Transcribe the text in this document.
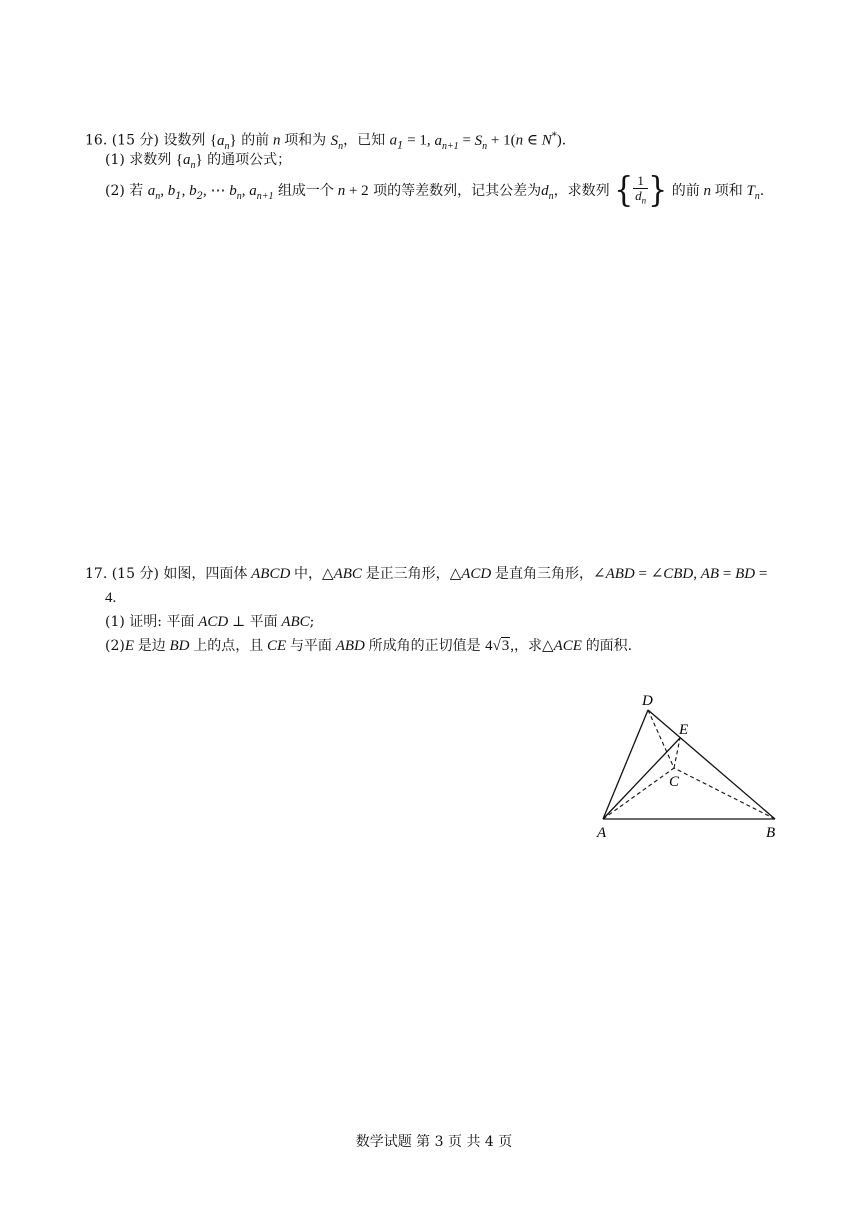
16. (15 分) 设数列 $\{a_n\}$ 的前 n 项和为 $S_n$，已知 $a_1 = 1$, $a_{n+1} = S_n + 1(n$ ∈ N*).
(1) 求数列 $\{a_n\}$ 的通项公式；
(2) 若 $a_n$, $b_1$, $b_2$, ⋯ $b_n$, $a_{n+1}$ 组成一个 n + 2 项的等差数列，记其公差为$d_n$，求数列 { $\frac{1}{d_n}$ } 的前 n 项和 $T_n$.
17. (15 分) 如图，四面体 ABCD 中，△ABC 是正三角形，△ACD 是直角三角形，∠ABD = ∠CBD, AB = BD =
4.
(1) 证明: 平面 ACD ⊥ 平面 ABC;
(2)E 是边 BD 上的点，且 CE 与平面 ABD 所成角的正切值是 4√3,，求△ACE 的面积.
A	B
C
D
E
数学试题 第 3 页 共 4 页
